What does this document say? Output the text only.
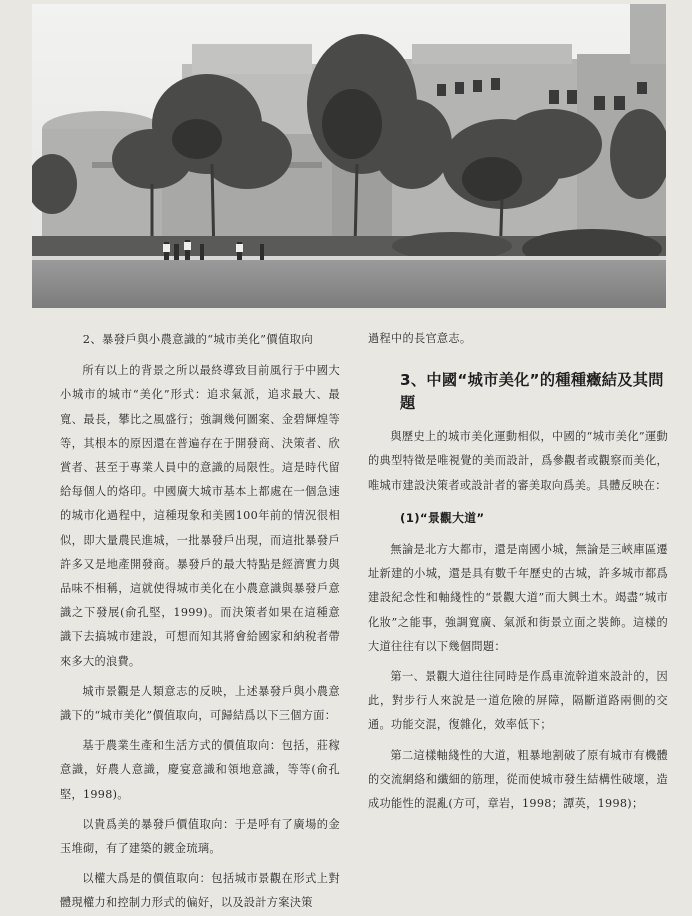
2、暴發戶與小農意識的“城市美化”價值取向

所有以上的背景之所以最終導致目前風行于中國大小城市的城市“美化”形式：追求氣派，追求最大、最寬、最長，攀比之風盛行；強調幾何圖案、金碧輝煌等等，其根本的原因還在普遍存在于開發商、決策者、欣賞者、甚至于專業人員中的意識的局限性。這是時代留給每個人的烙印。中國廣大城市基本上都處在一個急速的城市化過程中，這種現象和美國100年前的情況很相似，即大量農民進城，一批暴發戶出現，而這批暴發戶許多又是地產開發商。暴發戶的最大特點是經濟實力與品味不相稱，這就使得城市美化在小農意識與暴發戶意識之下發展(俞孔堅，1999)。而決策者如果在這種意識下去搞城市建設，可想而知其將會給國家和納稅者帶來多大的浪費。

城市景觀是人類意志的反映，上述暴發戶與小農意識下的“城市美化”價值取向，可歸結爲以下三個方面：

基于農業生產和生活方式的價值取向：包括，莊稼意識，好農人意識，慶宴意識和領地意識，等等(俞孔堅，1998)。

以貴爲美的暴發戶價值取向：于是呼有了廣場的金玉堆砌，有了建築的鍍金琉璃。

以權大爲是的價值取向：包括城市景觀在形式上對體現權力和控制力形式的偏好，以及設計方案決策

過程中的長官意志。

3、中國“城市美化”的種種癥結及其問題

與歷史上的城市美化運動相似，中國的“城市美化”運動的典型特徵是唯視覺的美而設計，爲參觀者或觀察而美化，唯城市建設決策者或設計者的審美取向爲美。具體反映在：

(1)“景觀大道”

無論是北方大都市，還是南國小城，無論是三峽庫區遷址新建的小城，還是具有數千年歷史的古城，許多城市都爲建設紀念性和軸綫性的“景觀大道”而大興土木。竭盡“城市化妝”之能事，強調寬廣、氣派和街景立面之裝飾。這樣的大道往往有以下幾個問題：

第一、景觀大道往往同時是作爲車流幹道來設計的，因此，對步行人來說是一道危險的屏障，隔斷道路兩側的交通。功能交混，復雜化，效率低下；

第二這樣軸綫性的大道，粗暴地割破了原有城市有機體的交流網絡和纖細的筋理，從而使城市發生結構性破壞，造成功能性的混亂(方可，章岩，1998；譚英，1998)；
